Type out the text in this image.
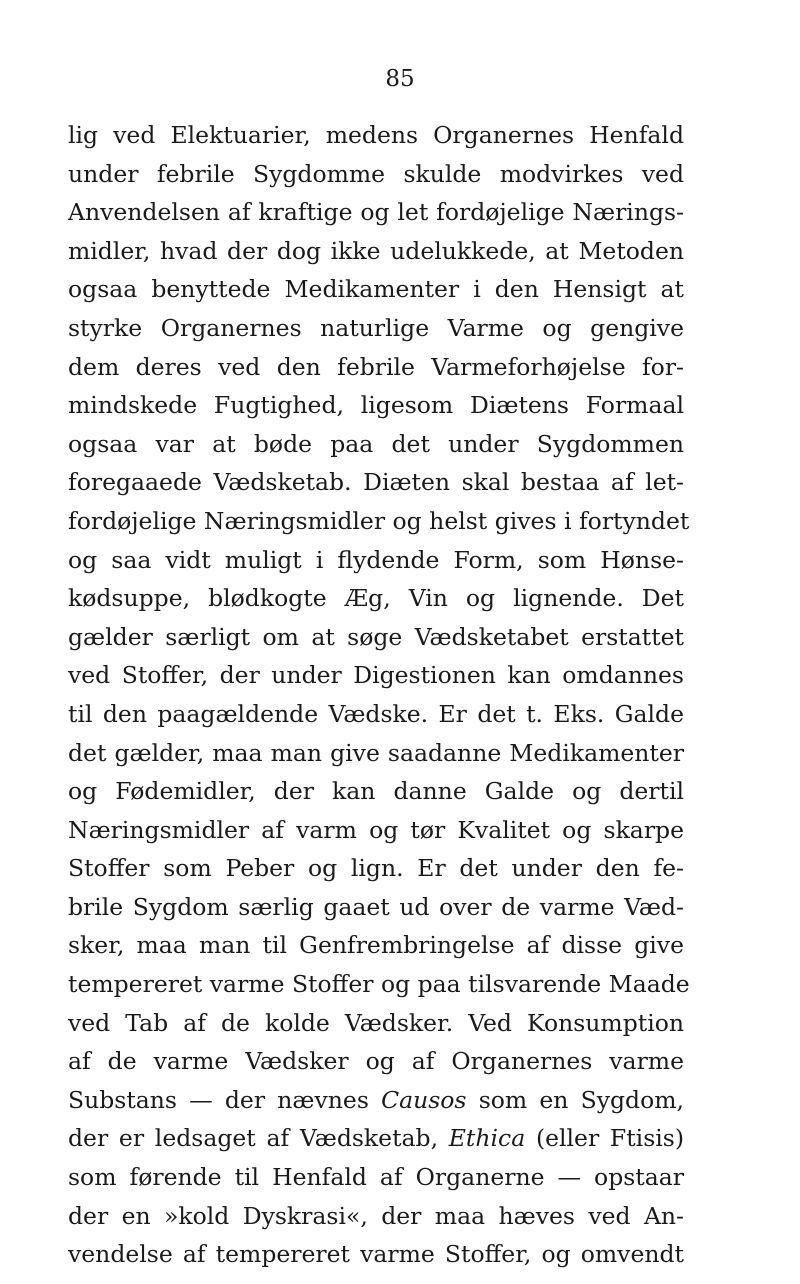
85
lig ved Elektuarier, medens Organernes Henfald
under febrile Sygdomme skulde modvirkes ved
Anvendelsen af kraftige og let fordøjelige Nærings-
midler, hvad der dog ikke udelukkede, at Metoden
ogsaa benyttede Medikamenter i den Hensigt at
styrke Organernes naturlige Varme og gengive
dem deres ved den febrile Varmeforhøjelse for-
mindskede Fugtighed, ligesom Diætens Formaal
ogsaa var at bøde paa det under Sygdommen
foregaaede Vædsketab. Diæten skal bestaa af let-
fordøjelige Næringsmidler og helst gives i fortyndet
og saa vidt muligt i flydende Form, som Hønse-
kødsuppe, blødkogte Æg, Vin og lignende. Det
gælder særligt om at søge Vædsketabet erstattet
ved Stoffer, der under Digestionen kan omdannes
til den paagældende Vædske. Er det t. Eks. Galde
det gælder, maa man give saadanne Medikamenter
og Fødemidler, der kan danne Galde og dertil
Næringsmidler af varm og tør Kvalitet og skarpe
Stoffer som Peber og lign. Er det under den fe-
brile Sygdom særlig gaaet ud over de varme Væd-
sker, maa man til Genfrembringelse af disse give
tempereret varme Stoffer og paa tilsvarende Maade
ved Tab af de kolde Vædsker. Ved Konsumption
af de varme Vædsker og af Organernes varme
Substans — der nævnes Causos som en Sygdom,
der er ledsaget af Vædsketab, Ethica (eller Ftisis)
som førende til Henfald af Organerne — opstaar
der en »kold Dyskrasi«, der maa hæves ved An-
vendelse af tempereret varme Stoffer, og omvendt
